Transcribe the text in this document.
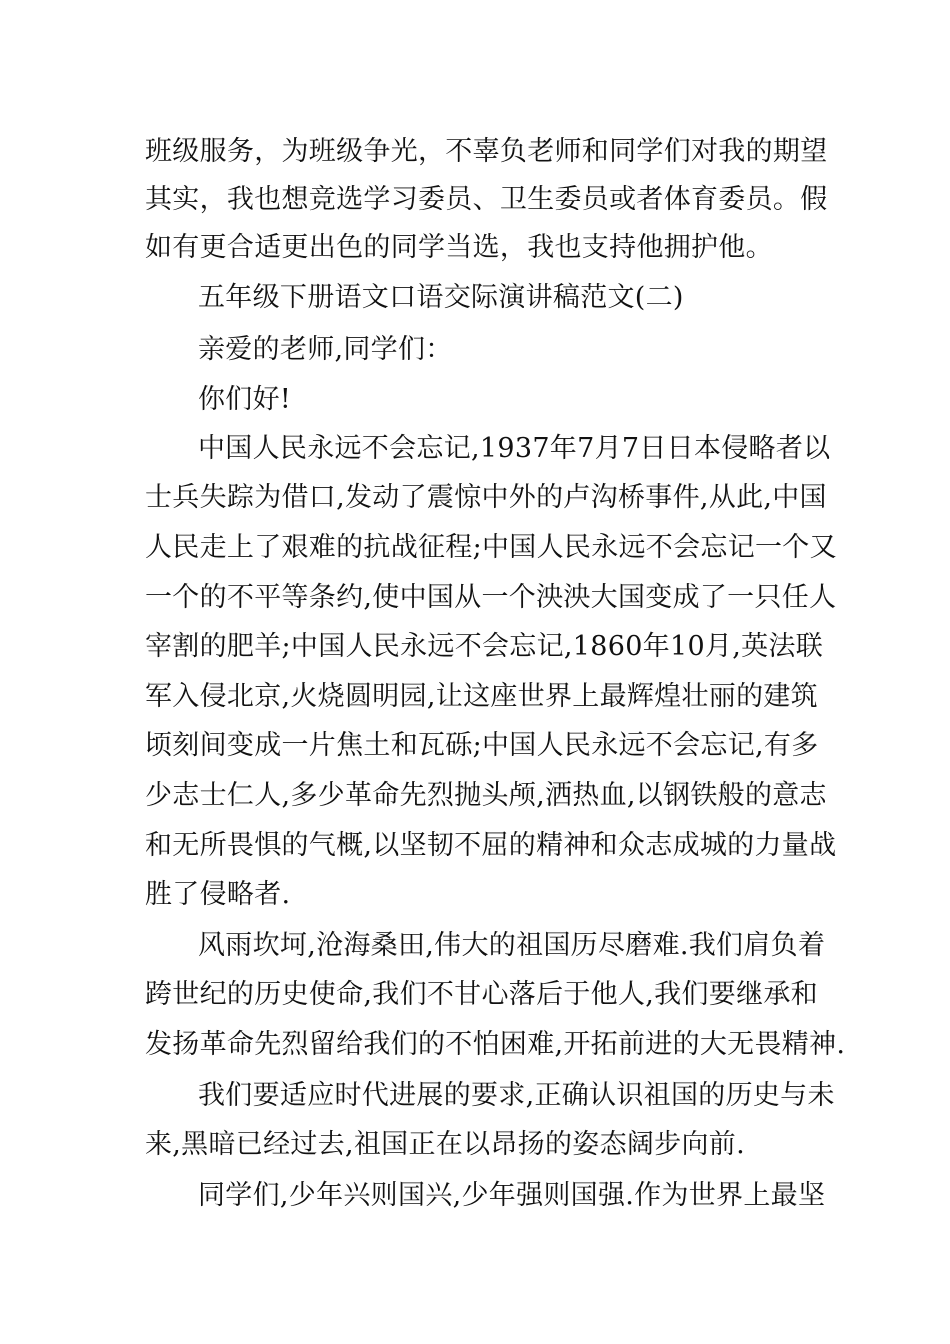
班级服务，为班级争光，不辜负老师和同学们对我的期望
其实，我也想竞选学习委员、卫生委员或者体育委员。假
如有更合适更出色的同学当选，我也支持他拥护他。
五年级下册语文口语交际演讲稿范文(二)
亲爱的老师,同学们：
你们好!
中国人民永远不会忘记,1937年7月7日日本侵略者以
士兵失踪为借口,发动了震惊中外的卢沟桥事件,从此,中国
人民走上了艰难的抗战征程;中国人民永远不会忘记一个又
一个的不平等条约,使中国从一个泱泱大国变成了一只任人
宰割的肥羊;中国人民永远不会忘记,1860年10月,英法联
军入侵北京,火烧圆明园,让这座世界上最辉煌壮丽的建筑
顷刻间变成一片焦土和瓦砾;中国人民永远不会忘记,有多
少志士仁人,多少革命先烈抛头颅,洒热血,以钢铁般的意志
和无所畏惧的气概,以坚韧不屈的精神和众志成城的力量战
胜了侵略者.
风雨坎坷,沧海桑田,伟大的祖国历尽磨难.我们肩负着
跨世纪的历史使命,我们不甘心落后于他人,我们要继承和
发扬革命先烈留给我们的不怕困难,开拓前进的大无畏精神.
我们要适应时代进展的要求,正确认识祖国的历史与未
来,黑暗已经过去,祖国正在以昂扬的姿态阔步向前.
同学们,少年兴则国兴,少年强则国强.作为世界上最坚
